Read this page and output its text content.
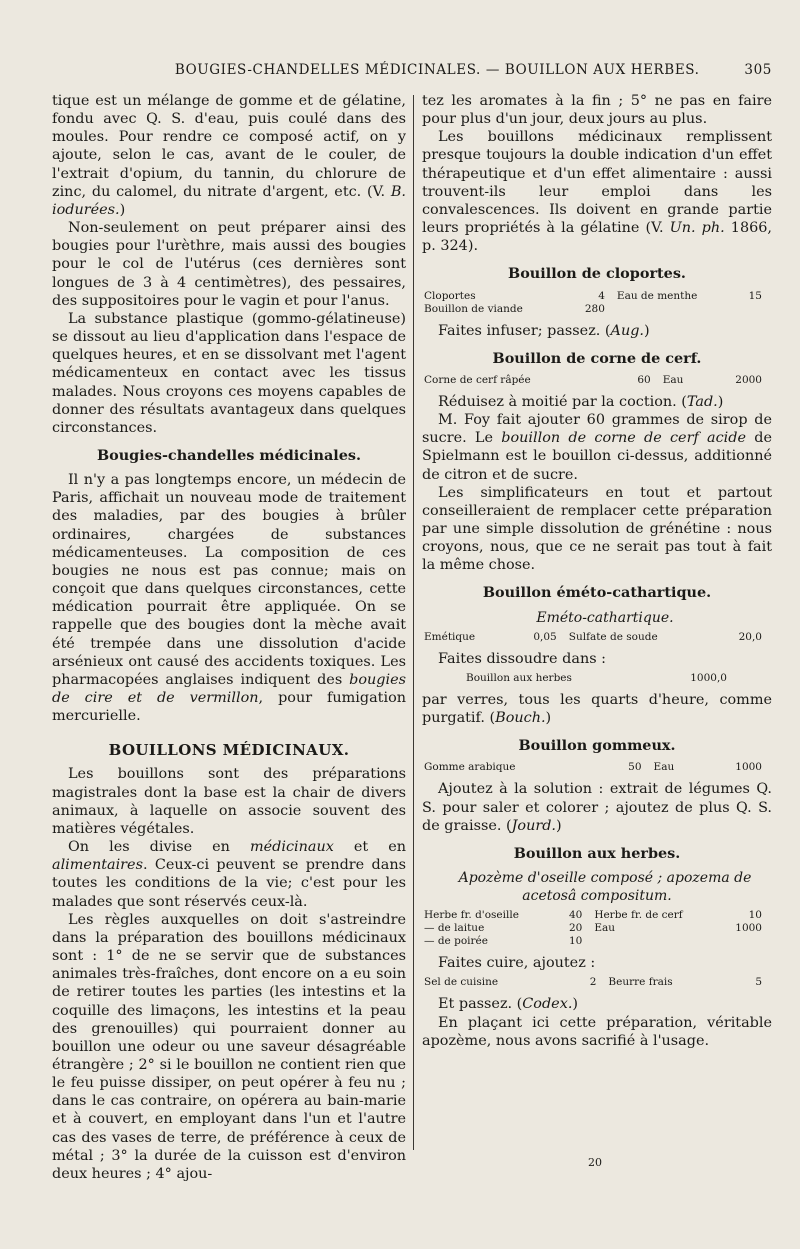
BOUGIES-CHANDELLES MÉDICINALES. — BOUILLON AUX HERBES.	305

tique est un mélange de gomme et de gélatine, fondu avec Q. S. d'eau, puis coulé dans des moules. Pour rendre ce composé actif, on y ajoute, selon le cas, avant de le couler, de l'extrait d'opium, du tannin, du chlorure de zinc, du calomel, du nitrate d'argent, etc. (V. B. iodurées.)

Non-seulement on peut préparer ainsi des bougies pour l'urèthre, mais aussi des bougies pour le col de l'utérus (ces dernières sont longues de 3 à 4 centimètres), des pessaires, des suppositoires pour le vagin et pour l'anus.

La substance plastique (gommo-gélatineuse) se dissout au lieu d'application dans l'espace de quelques heures, et en se dissolvant met l'agent médicamenteux en contact avec les tissus malades. Nous croyons ces moyens capables de donner des résultats avantageux dans quelques circonstances.

Bougies-chandelles médicinales.

Il n'y a pas longtemps encore, un médecin de Paris, affichait un nouveau mode de traitement des maladies, par des bougies à brûler ordinaires, chargées de substances médicamenteuses. La composition de ces bougies ne nous est pas connue; mais on conçoit que dans quelques circonstances, cette médication pourrait être appliquée. On se rappelle que des bougies dont la mèche avait été trempée dans une dissolution d'acide arsénieux ont causé des accidents toxiques. Les pharmacopées anglaises indiquent des bougies de cire et de vermillon, pour fumigation mercurielle.

BOUILLONS MÉDICINAUX.

Les bouillons sont des préparations magistrales dont la base est la chair de divers animaux, à laquelle on associe souvent des matières végétales.

On les divise en médicinaux et en alimentaires. Ceux-ci peuvent se prendre dans toutes les conditions de la vie; c'est pour les malades que sont réservés ceux-là.

Les règles auxquelles on doit s'astreindre dans la préparation des bouillons médicinaux sont : 1° de ne se servir que de substances animales très-fraîches, dont encore on a eu soin de retirer toutes les parties (les intestins et la coquille des limaçons, les intestins et la peau des grenouilles) qui pourraient donner au bouillon une odeur ou une saveur désagréable étrangère ; 2° si le bouillon ne contient rien que le feu puisse dissiper, on peut opérer à feu nu ; dans le cas contraire, on opérera au bain-marie et à couvert, en employant dans l'un et l'autre cas des vases de terre, de préférence à ceux de métal ; 3° la durée de la cuisson est d'environ deux heures ; 4° ajou-

tez les aromates à la fin ; 5° ne pas en faire pour plus d'un jour, deux jours au plus.

Les bouillons médicinaux remplissent presque toujours la double indication d'un effet thérapeutique et d'un effet alimentaire : aussi trouvent-ils leur emploi dans les convalescences. Ils doivent en grande partie leurs propriétés à la gélatine (V. Un. ph. 1866, p. 324).

Bouillon de cloportes.
Cloportes	4	Eau de menthe	15
Bouillon de viande	280		

Faites infuser; passez. (Aug.)

Bouillon de corne de cerf.
Corne de cerf râpée	60	Eau	2000

Réduisez à moitié par la coction. (Tad.)

M. Foy fait ajouter 60 grammes de sirop de sucre. Le bouillon de corne de cerf acide de Spielmann est le bouillon ci-dessus, additionné de citron et de sucre.

Les simplificateurs en tout et partout conseilleraient de remplacer cette préparation par une simple dissolution de grénétine : nous croyons, nous, que ce ne serait pas tout à fait la même chose.

Bouillon éméto-cathartique.

Eméto-cathartique.

Emétique	0,05	Sulfate de soude	20,0

Faites dissoudre dans :

Bouillon aux herbes	1000,0

par verres, tous les quarts d'heure, comme purgatif. (Bouch.)

Bouillon gommeux.
Gomme arabique	50	Eau	1000

Ajoutez à la solution : extrait de légumes Q. S. pour saler et colorer ; ajoutez de plus Q. S. de graisse. (Jourd.)

Bouillon aux herbes.

Apozème d'oseille composé ; apozema de acetosâ compositum.

Herbe fr. d'oseille	40	Herbe fr. de cerf	10
— de laitue	20	Eau	1000
— de poirée	10		

Faites cuire, ajoutez :

Sel de cuisine	2	Beurre frais	5

Et passez. (Codex.)

En plaçant ici cette préparation, véritable apozème, nous avons sacrifié à l'usage.

20
